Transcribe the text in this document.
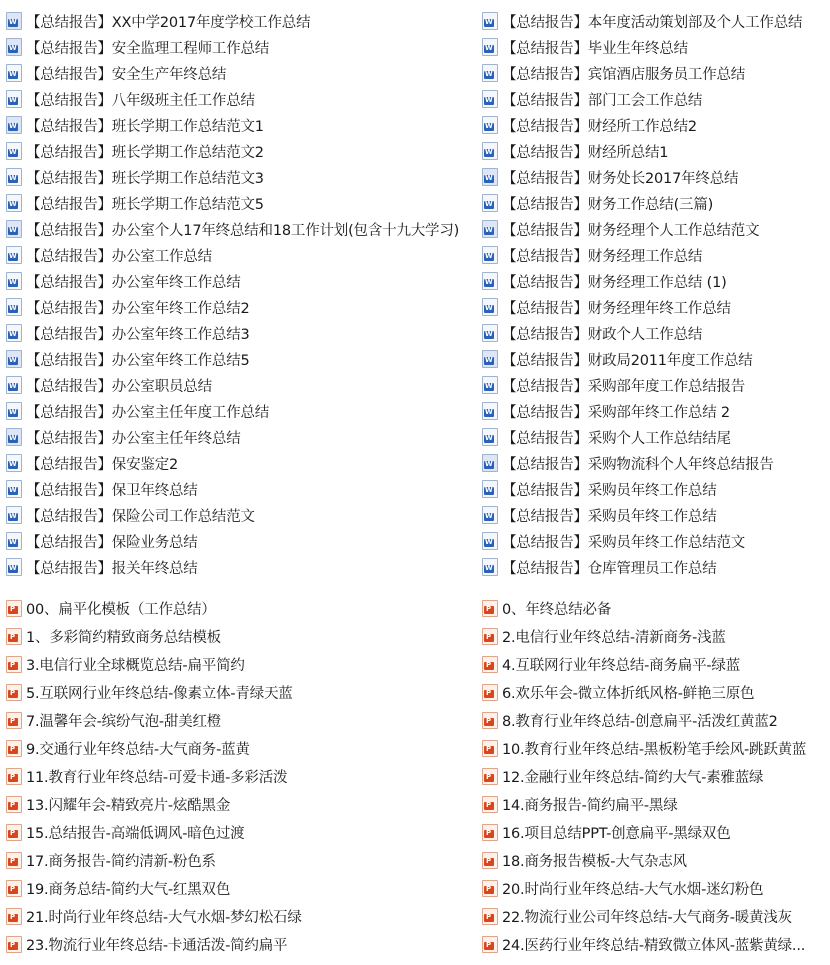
W
【总结报告】XX中学2017年度学校工作总结
W
【总结报告】安全监理工程师工作总结
W
【总结报告】安全生产年终总结
W
【总结报告】八年级班主任工作总结
W
【总结报告】班长学期工作总结范文1
W
【总结报告】班长学期工作总结范文2
W
【总结报告】班长学期工作总结范文3
W
【总结报告】班长学期工作总结范文5
W
【总结报告】办公室个人17年终总结和18工作计划(包含十九大学习)
W
【总结报告】办公室工作总结
W
【总结报告】办公室年终工作总结
W
【总结报告】办公室年终工作总结2
W
【总结报告】办公室年终工作总结3
W
【总结报告】办公室年终工作总结5
W
【总结报告】办公室职员总结
W
【总结报告】办公室主任年度工作总结
W
【总结报告】办公室主任年终总结
W
【总结报告】保安鉴定2
W
【总结报告】保卫年终总结
W
【总结报告】保险公司工作总结范文
W
【总结报告】保险业务总结
W
【总结报告】报关年终总结
P
00、扁平化模板（工作总结）
P
1、多彩简约精致商务总结模板
P
3.电信行业全球概览总结-扁平简约
P
5.互联网行业年终总结-像素立体-青绿天蓝
P
7.温馨年会-缤纷气泡-甜美红橙
P
9.交通行业年终总结-大气商务-蓝黄
P
11.教育行业年终总结-可爱卡通-多彩活泼
P
13.闪耀年会-精致亮片-炫酷黑金
P
15.总结报告-高端低调风-暗色过渡
P
17.商务报告-简约清新-粉色系
P
19.商务总结-简约大气-红黑双色
P
21.时尚行业年终总结-大气水烟-梦幻松石绿
P
23.物流行业年终总结-卡通活泼-简约扁平
W
【总结报告】本年度活动策划部及个人工作总结
W
【总结报告】毕业生年终总结
W
【总结报告】宾馆酒店服务员工作总结
W
【总结报告】部门工会工作总结
W
【总结报告】财经所工作总结2
W
【总结报告】财经所总结1
W
【总结报告】财务处长2017年终总结
W
【总结报告】财务工作总结(三篇)
W
【总结报告】财务经理个人工作总结范文
W
【总结报告】财务经理工作总结
W
【总结报告】财务经理工作总结 (1)
W
【总结报告】财务经理年终工作总结
W
【总结报告】财政个人工作总结
W
【总结报告】财政局2011年度工作总结
W
【总结报告】采购部年度工作总结报告
W
【总结报告】采购部年终工作总结 2
W
【总结报告】采购个人工作总结结尾
W
【总结报告】采购物流科个人年终总结报告
W
【总结报告】采购员年终工作总结
W
【总结报告】采购员年终工作总结
W
【总结报告】采购员年终工作总结范文
W
【总结报告】仓库管理员工作总结
P
0、年终总结必备
P
2.电信行业年终总结-清新商务-浅蓝
P
4.互联网行业年终总结-商务扁平-绿蓝
P
6.欢乐年会-微立体折纸风格-鲜艳三原色
P
8.教育行业年终总结-创意扁平-活泼红黄蓝2
P
10.教育行业年终总结-黑板粉笔手绘风-跳跃黄蓝
P
12.金融行业年终总结-简约大气-素雅蓝绿
P
14.商务报告-简约扁平-黑绿
P
16.项目总结PPT-创意扁平-黑绿双色
P
18.商务报告模板-大气杂志风
P
20.时尚行业年终总结-大气水烟-迷幻粉色
P
22.物流行业公司年终总结-大气商务-暖黄浅灰
P
24.医药行业年终总结-精致微立体风-蓝紫黄绿...
